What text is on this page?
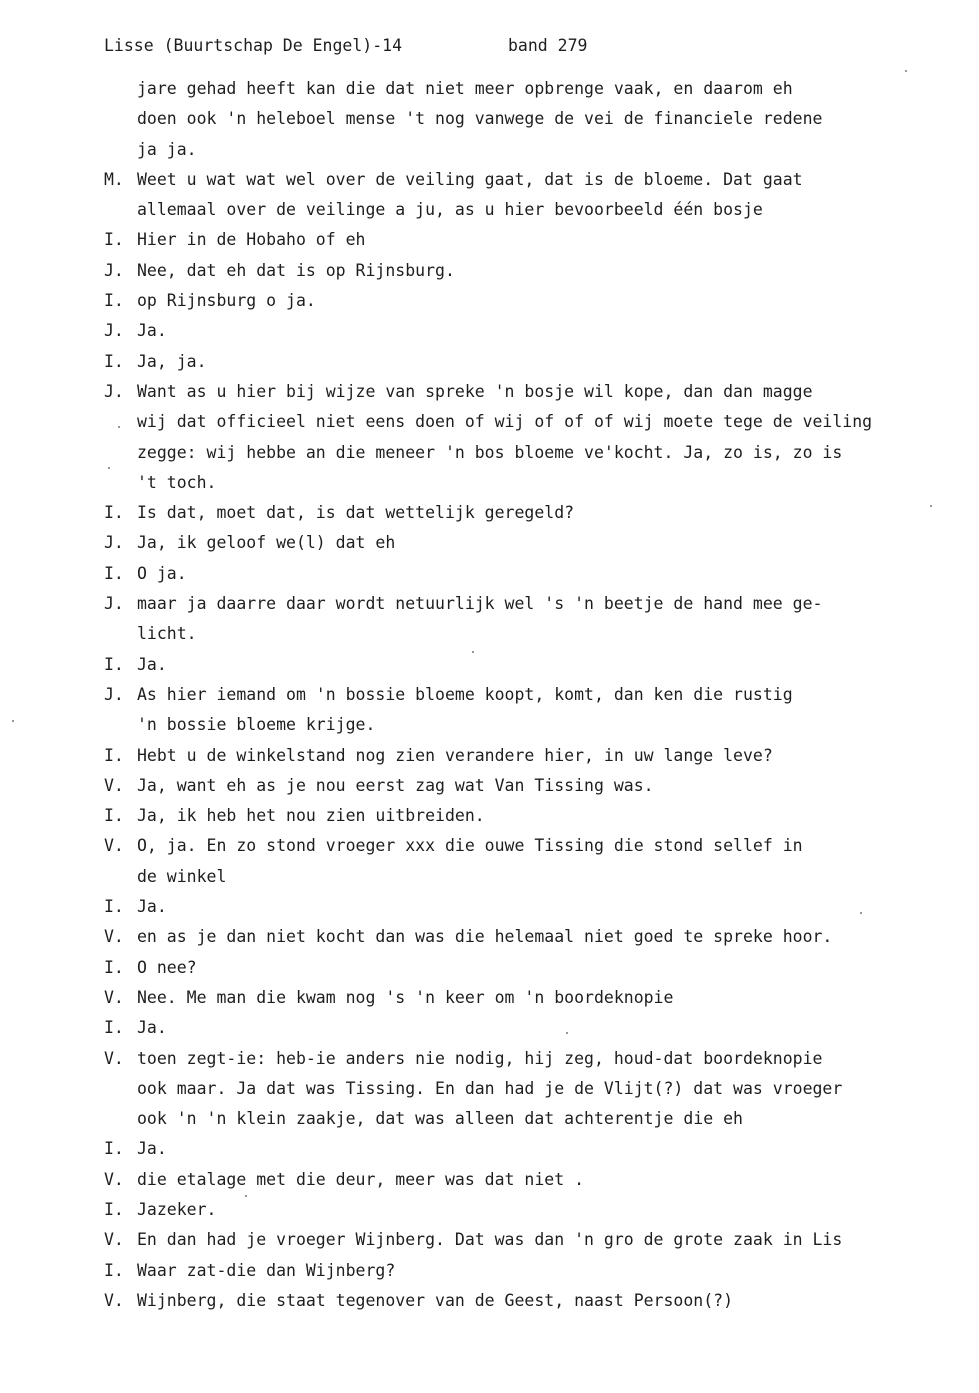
Lisse (Buurtschap De Engel)-14	band 279
jare gehad heeft kan die dat niet meer opbrenge vaak, en daarom eh
doen ook 'n heleboel mense 't nog vanwege de vei de financiele redene
ja ja.
M. Weet u wat wat wel over de veiling gaat, dat is de bloeme. Dat gaat
allemaal over de veilinge a ju, as u hier bevoorbeeld één bosje
I. Hier in de Hobaho of eh
J. Nee, dat eh dat is op Rijnsburg.
I. op Rijnsburg o ja.
J. Ja.
I. Ja, ja.
J. Want as u hier bij wijze van spreke 'n bosje wil kope, dan dan magge
wij dat officieel niet eens doen of wij of of of wij moete tege de veiling
zegge: wij hebbe an die meneer 'n bos bloeme ve'kocht. Ja, zo is, zo is
't toch.
I. Is dat, moet dat, is dat wettelijk geregeld?
J. Ja, ik geloof we(l) dat eh
I. O ja.
J. maar ja daarre daar wordt netuurlijk wel 's 'n beetje de hand mee ge-
licht.
I. Ja.
J. As hier iemand om 'n bossie bloeme koopt, komt, dan ken die rustig
'n bossie bloeme krijge.
I. Hebt u de winkelstand nog zien verandere hier, in uw lange leve?
V. Ja, want eh as je nou eerst zag wat Van Tissing was.
I. Ja, ik heb het nou zien uitbreiden.
V. O, ja. En zo stond vroeger xxx die ouwe Tissing die stond sellef in
de winkel
I. Ja.
V. en as je dan niet kocht dan was die helemaal niet goed te spreke hoor.
I. O nee?
V. Nee. Me man die kwam nog 's 'n keer om 'n boordeknopie
I. Ja.
V. toen zegt-ie: heb-ie anders nie nodig, hij zeg, houd-dat boordeknopie
ook maar. Ja dat was Tissing. En dan had je de Vlijt(?) dat was vroeger
ook 'n 'n klein zaakje, dat was alleen dat achterentje die eh
I. Ja.
V. die etalage met die deur, meer was dat niet .
I. Jazeker.
V. En dan had je vroeger Wijnberg. Dat was dan 'n gro de grote zaak in Lis
I. Waar zat-die dan Wijnberg?
V. Wijnberg, die staat tegenover van de Geest, naast Persoon(?)
